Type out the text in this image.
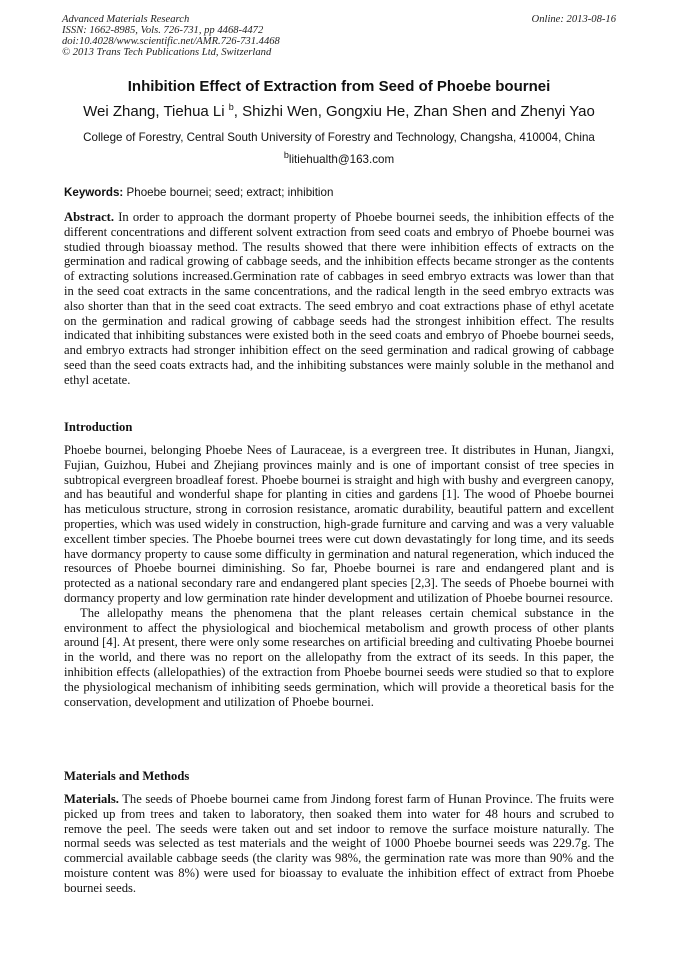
Advanced Materials Research
ISSN: 1662-8985, Vols. 726-731, pp 4468-4472
doi:10.4028/www.scientific.net/AMR.726-731.4468
© 2013 Trans Tech Publications Ltd, Switzerland
Online: 2013-08-16
Inhibition Effect of Extraction from Seed of Phoebe bournei
Wei Zhang, Tiehua Li $^b$, Shizhi Wen, Gongxiu He, Zhan Shen and Zhenyi Yao
College of Forestry, Central South University of Forestry and Technology, Changsha, 410004, China
$^b$litiehualth@163.com
Keywords: Phoebe bournei; seed; extract; inhibition
Abstract. In order to approach the dormant property of Phoebe bournei seeds, the inhibition effects of the different concentrations and different solvent extraction from seed coats and embryo of Phoebe bournei was studied through bioassay method. The results showed that there were inhibition effects of extracts on the germination and radical growing of cabbage seeds, and the inhibition effects became stronger as the contents of extracting solutions increased.Germination rate of cabbages in seed embryo extracts was lower than that in the seed coat extracts in the same concentrations, and the radical length in the seed embryo extracts was also shorter than that in the seed coat extracts. The seed embryo and coat extractions phase of ethyl acetate on the germination and radical growing of cabbage seeds had the strongest inhibition effect. The results indicated that inhibiting substances were existed both in the seed coats and embryo of Phoebe bournei seeds, and embryo extracts had stronger inhibition effect on the seed germination and radical growing of cabbage seed than the seed coats extracts had, and the inhibiting substances were mainly soluble in the methanol and ethyl acetate.
Introduction

Phoebe bournei, belonging Phoebe Nees of Lauraceae, is a evergreen tree. It distributes in Hunan, Jiangxi, Fujian, Guizhou, Hubei and Zhejiang provinces mainly and is one of important consist of tree species in subtropical evergreen broadleaf forest. Phoebe bournei is straight and high with bushy and evergreen canopy, and has beautiful and wonderful shape for planting in cities and gardens [1]. The wood of Phoebe bournei has meticulous structure, strong in corrosion resistance, aromatic durability, beautiful pattern and excellent properties, which was used widely in construction, high-grade furniture and carving and was a very valuable excellent timber species. The Phoebe bournei trees were cut down devastatingly for long time, and its seeds have dormancy property to cause some difficulty in germination and natural regeneration, which induced the resources of Phoebe bournei diminishing. So far, Phoebe bournei is rare and endangered plant and is protected as a national secondary rare and endangered plant species [2,3]. The seeds of Phoebe bournei with dormancy property and low germination rate hinder development and utilization of Phoebe bournei resource.

The allelopathy means the phenomena that the plant releases certain chemical substance in the environment to affect the physiological and biochemical metabolism and growth process of other plants around [4]. At present, there were only some researches on artificial breeding and cultivating Phoebe bournei in the world, and there was no report on the allelopathy from the extract of its seeds. In this paper, the inhibition effects (allelopathies) of the extraction from Phoebe bournei seeds were studied so that to explore the physiological mechanism of inhibiting seeds germination, which will provide a theoretical basis for the conservation, development and utilization of Phoebe bournei.

Materials and Methods
Materials. The seeds of Phoebe bournei came from Jindong forest farm of Hunan Province. The fruits were picked up from trees and taken to laboratory, then soaked them into water for 48 hours and scrubed to remove the peel. The seeds were taken out and set indoor to remove the surface moisture naturally. The normal seeds was selected as test materials and the weight of 1000 Phoebe bournei seeds was 229.7g. The commercial available cabbage seeds (the clarity was 98%, the germination rate was more than 90% and the moisture content was 8%) were used for bioassay to evaluate the inhibition effect of extract from Phoebe bournei seeds.
